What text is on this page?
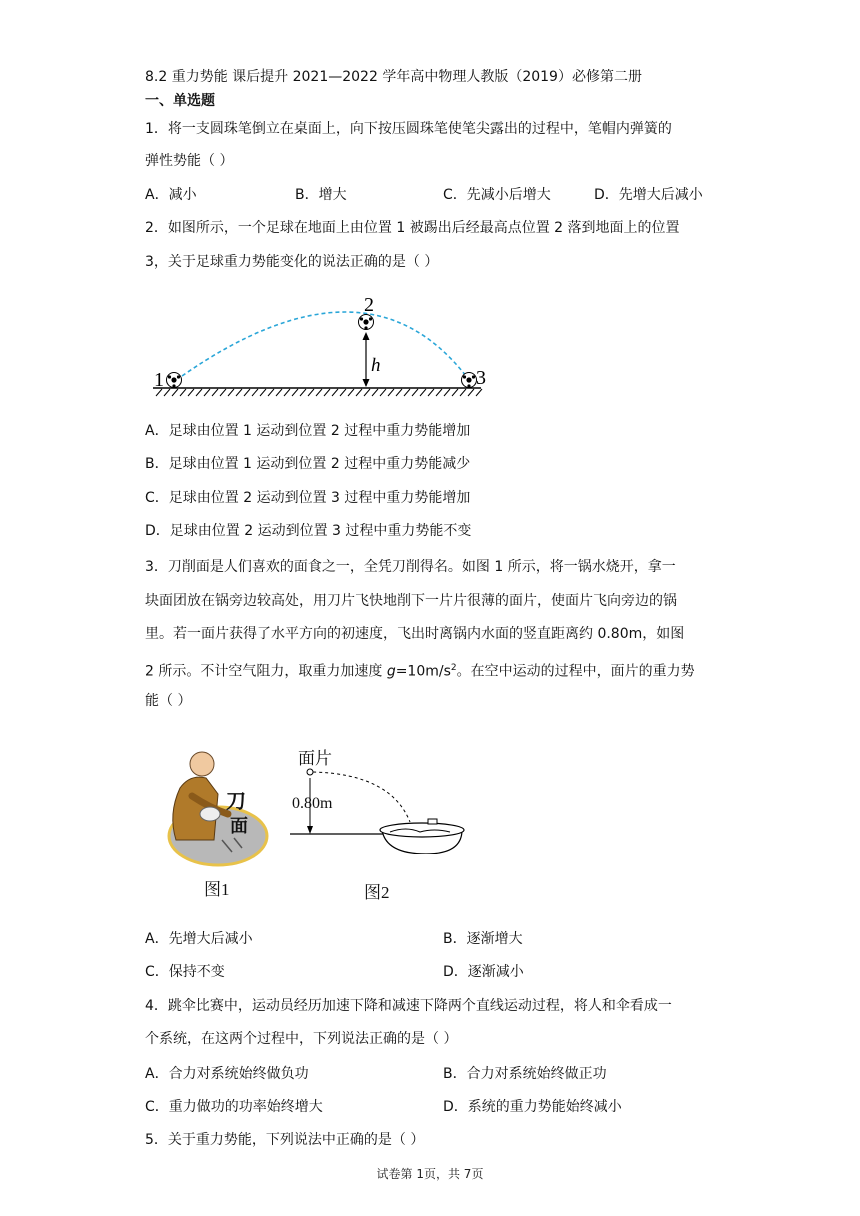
8.2 重力势能 课后提升 2021—2022 学年高中物理人教版（2019）必修第二册
一、单选题
1．将一支圆珠笔倒立在桌面上，向下按压圆珠笔使笔尖露出的过程中，笔帽内弹簧的
弹性势能（ ）
A．减小	B．增大	C．先减小后增大	D．先增大后减小
2．如图所示，一个足球在地面上由位置 1 被踢出后经最高点位置 2 落到地面上的位置
3，关于足球重力势能变化的说法正确的是（ ）
h
1
2
3
A．足球由位置 1 运动到位置 2 过程中重力势能增加
B．足球由位置 1 运动到位置 2 过程中重力势能减少
C．足球由位置 2 运动到位置 3 过程中重力势能增加
D．足球由位置 2 运动到位置 3 过程中重力势能不变
3．刀削面是人们喜欢的面食之一，全凭刀削得名。如图 1 所示，将一锅水烧开，拿一
块面团放在锅旁边较高处，用刀片飞快地削下一片片很薄的面片，使面片飞向旁边的锅
里。若一面片获得了水平方向的初速度，飞出时离锅内水面的竖直距离约 0.80m，如图
2 所示。不计空气阻力，取重力加速度 $g=10m/s^2$。在空中运动的过程中，面片的重力势
能（ ）
刀
面
图1
面片
0.80m
图2
A．先增大后减小	B．逐渐增大
C．保持不变	D．逐渐减小
4．跳伞比赛中，运动员经历加速下降和减速下降两个直线运动过程，将人和伞看成一
个系统，在这两个过程中，下列说法正确的是（ ）
A．合力对系统始终做负功	B．合力对系统始终做正功
C．重力做功的功率始终增大	D．系统的重力势能始终减小
5．关于重力势能，下列说法中正确的是（ ）
试卷第 1页，共 7页
